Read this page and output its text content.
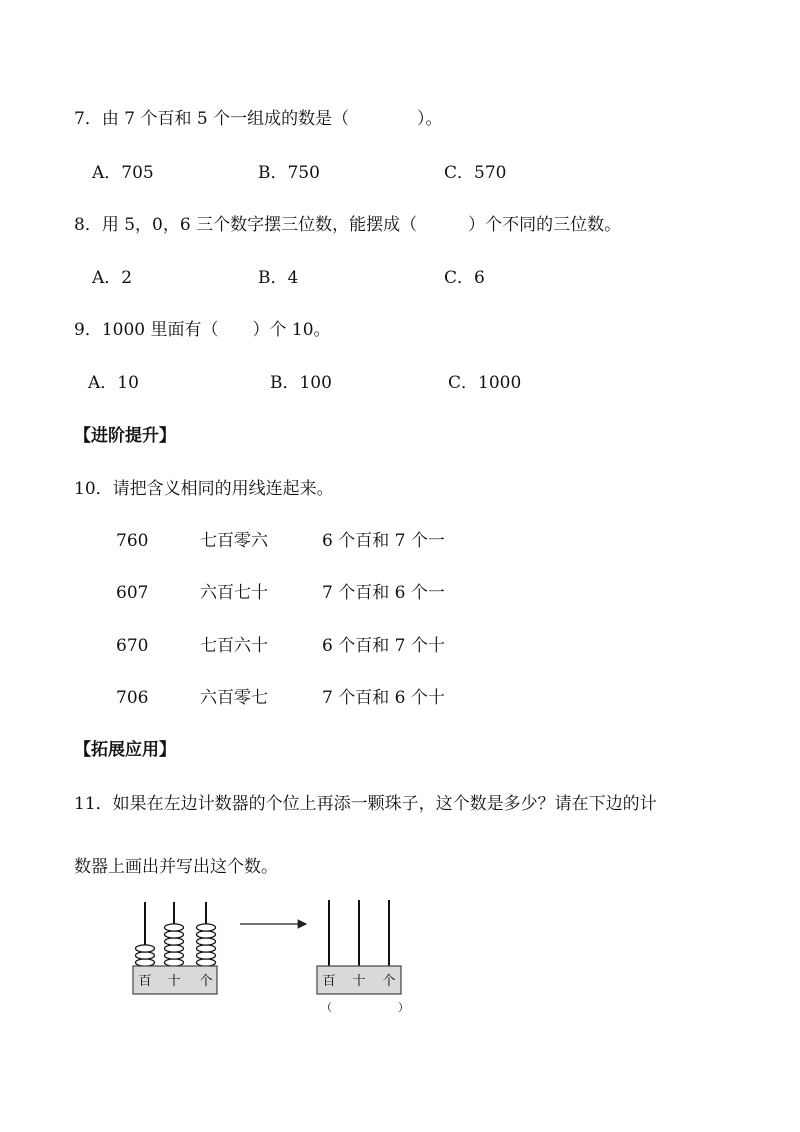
7．由 7 个百和 5 个一组成的数是（　　　　）。
A．705	B．750	C．570
8．用 5，0，6 三个数字摆三位数，能摆成（　　　）个不同的三位数。
A．2	B．4	C．6
9．1000 里面有（　　）个 10。
A．10	B．100	C．1000
【进阶提升】
10．请把含义相同的用线连起来。
760	七百零六	6 个百和 7 个一
607	六百七十	7 个百和 6 个一
670	七百六十	6 个百和 7 个十
706	六百零七	7 个百和 6 个十
【拓展应用】
11．如果在左边计数器的个位上再添一颗珠子，这个数是多少？请在下边的计
数器上画出并写出这个数。
百 十 个	百 十 个
（　　　　　　）
